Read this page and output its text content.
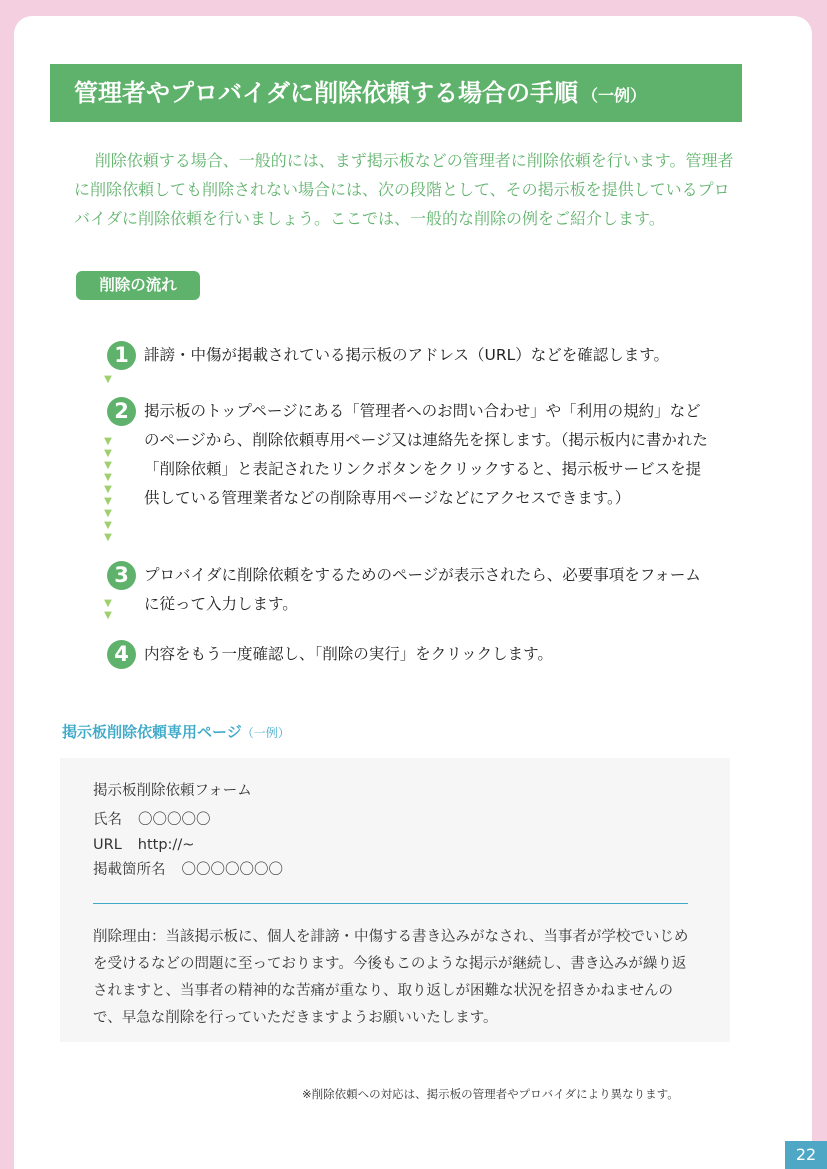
管理者やプロバイダに削除依頼する場合の手順 （一例）
削除依頼する場合、一般的には、まず掲示板などの管理者に削除依頼を行います。管理者に削除依頼しても削除されない場合には、次の段階として、その掲示板を提供しているプロバイダに削除依頼を行いましょう。ここでは、一般的な削除の例をご紹介します。
削除の流れ
1 誹謗・中傷が掲載されている掲示板のアドレス（URL）などを確認します。
▼
2 掲示板のトップページにある「管理者へのお問い合わせ」や「利用の規約」などのページから、削除依頼専用ページ又は連絡先を探します。（掲示板内に書かれた「削除依頼」と表記されたリンクボタンをクリックすると、掲示板サービスを提供している管理業者などの削除専用ページなどにアクセスできます。）
▼
▼
▼
▼
▼
▼
▼
▼
▼
3 プロバイダに削除依頼をするためのページが表示されたら、必要事項をフォームに従って入力します。
▼
▼
4 内容をもう一度確認し、「削除の実行」をクリックします。
掲示板削除依頼専用ページ（一例）
掲示板削除依頼フォーム
氏名 〇〇〇〇〇
URL http://~
掲載箇所名 〇〇〇〇〇〇〇
削除理由：当該掲示板に、個人を誹謗・中傷する書き込みがなされ、当事者が学校でいじめを受けるなどの問題に至っております。今後もこのような掲示が継続し、書き込みが繰り返されますと、当事者の精神的な苦痛が重なり、取り返しが困難な状況を招きかねませんので、早急な削除を行っていただきますようお願いいたします。
※削除依頼への対応は、掲示板の管理者やプロバイダにより異なります。
22
